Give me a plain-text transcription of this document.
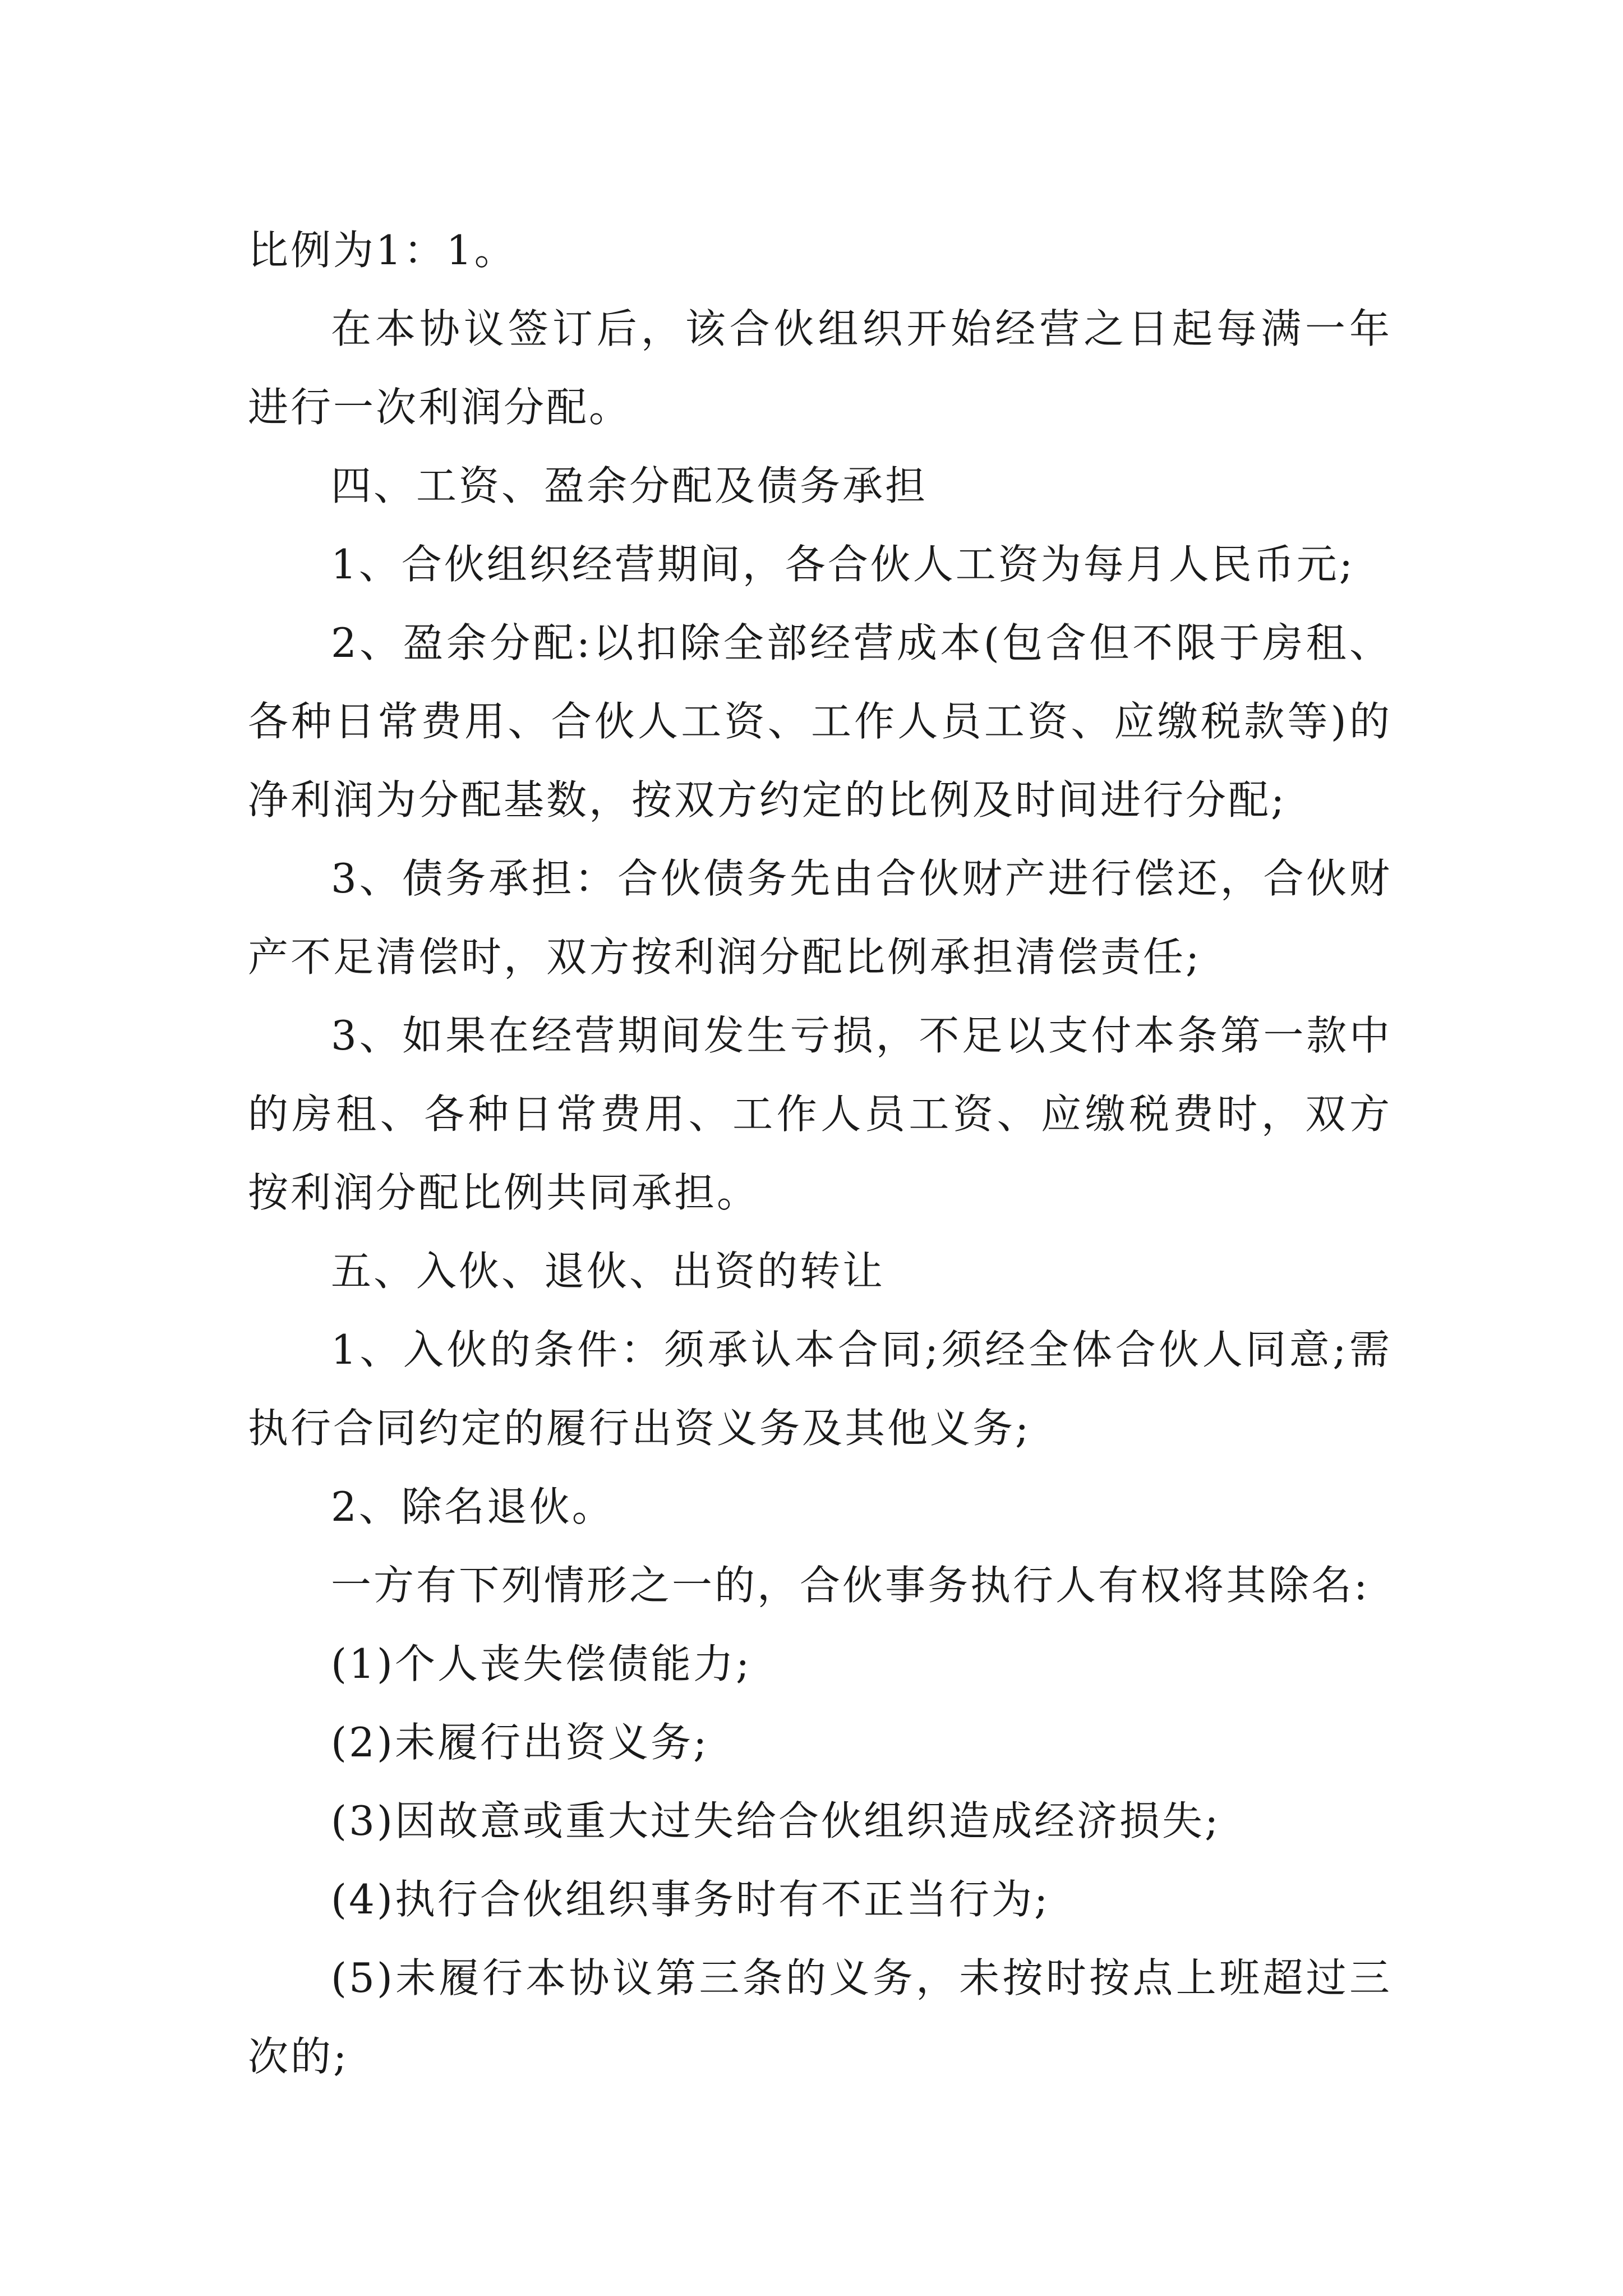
比例为1：1。

在本协议签订后，该合伙组织开始经营之日起每满一年进行一次利润分配。

四、工资、盈余分配及债务承担

1、合伙组织经营期间，各合伙人工资为每月人民币元;

2、盈余分配:以扣除全部经营成本(包含但不限于房租、各种日常费用、合伙人工资、工作人员工资、应缴税款等)的净利润为分配基数，按双方约定的比例及时间进行分配;

3、债务承担：合伙债务先由合伙财产进行偿还，合伙财产不足清偿时，双方按利润分配比例承担清偿责任;

3、如果在经营期间发生亏损，不足以支付本条第一款中的房租、各种日常费用、工作人员工资、应缴税费时，双方按利润分配比例共同承担。

五、入伙、退伙、出资的转让

1、入伙的条件：须承认本合同;须经全体合伙人同意;需执行合同约定的履行出资义务及其他义务;

2、除名退伙。

一方有下列情形之一的，合伙事务执行人有权将其除名:

(1)个人丧失偿债能力;

(2)未履行出资义务;

(3)因故意或重大过失给合伙组织造成经济损失;

(4)执行合伙组织事务时有不正当行为;

(5)未履行本协议第三条的义务，未按时按点上班超过三次的;
